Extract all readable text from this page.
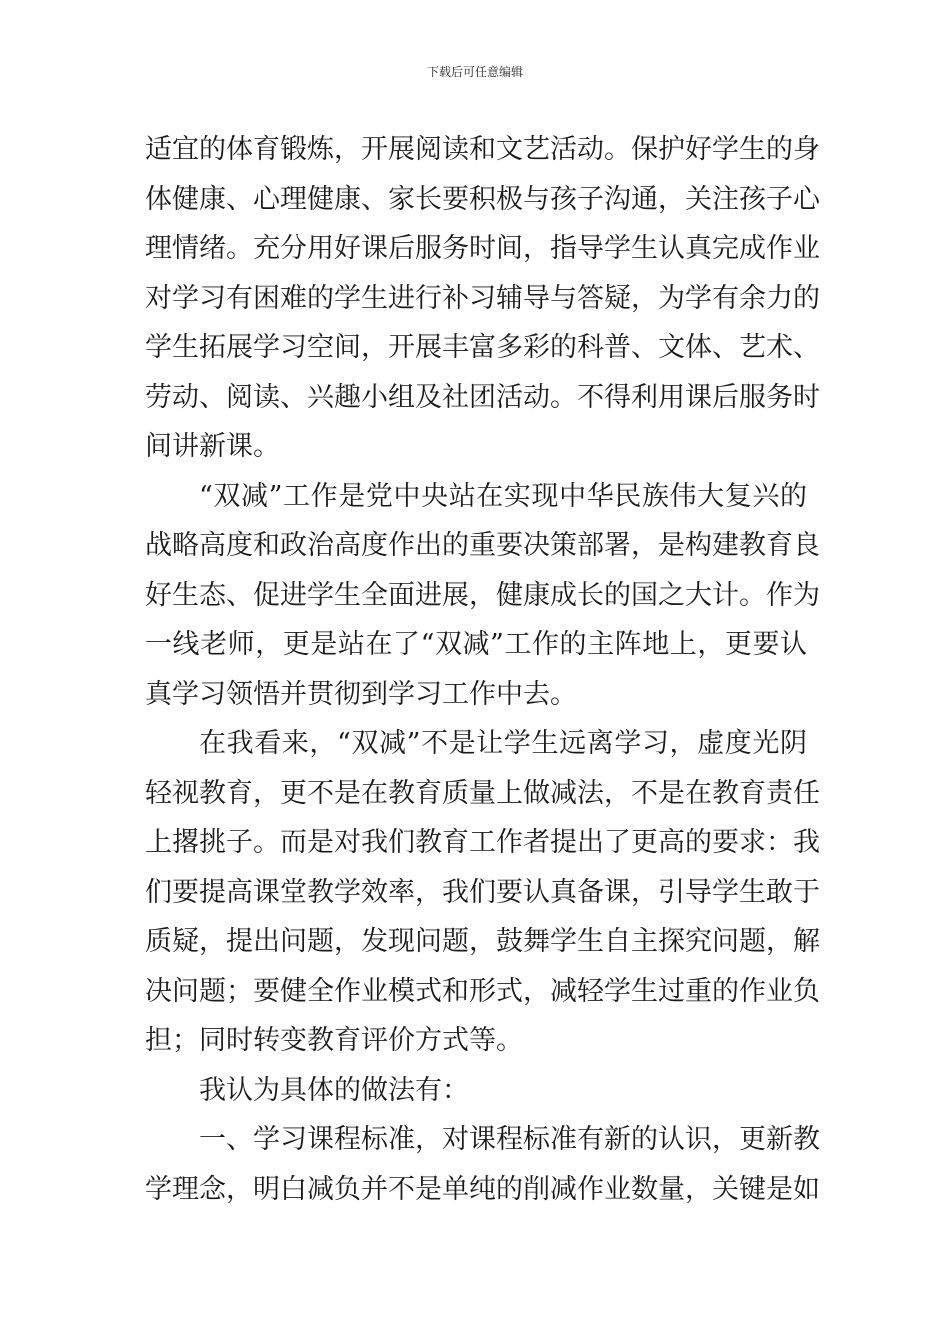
下载后可任意编辑
适宜的体育锻炼，开展阅读和文艺活动。保护好学生的身
体健康、心理健康、家长要积极与孩子沟通，关注孩子心
理情绪。充分用好课后服务时间，指导学生认真完成作业
对学习有困难的学生进行补习辅导与答疑，为学有余力的
学生拓展学习空间，开展丰富多彩的科普、文体、艺术、
劳动、阅读、兴趣小组及社团活动。不得利用课后服务时
间讲新课。
“双减”工作是党中央站在实现中华民族伟大复兴的
战略高度和政治高度作出的重要决策部署，是构建教育良
好生态、促进学生全面进展，健康成长的国之大计。作为
一线老师，更是站在了“双减”工作的主阵地上，更要认
真学习领悟并贯彻到学习工作中去。
在我看来，“双减”不是让学生远离学习，虚度光阴
轻视教育，更不是在教育质量上做减法，不是在教育责任
上撂挑子。而是对我们教育工作者提出了更高的要求：我
们要提高课堂教学效率，我们要认真备课，引导学生敢于
质疑，提出问题，发现问题，鼓舞学生自主探究问题，解
决问题；要健全作业模式和形式，减轻学生过重的作业负
担；同时转变教育评价方式等。
我认为具体的做法有：
一、学习课程标准，对课程标准有新的认识，更新教
学理念，明白减负并不是单纯的削减作业数量，关键是如
